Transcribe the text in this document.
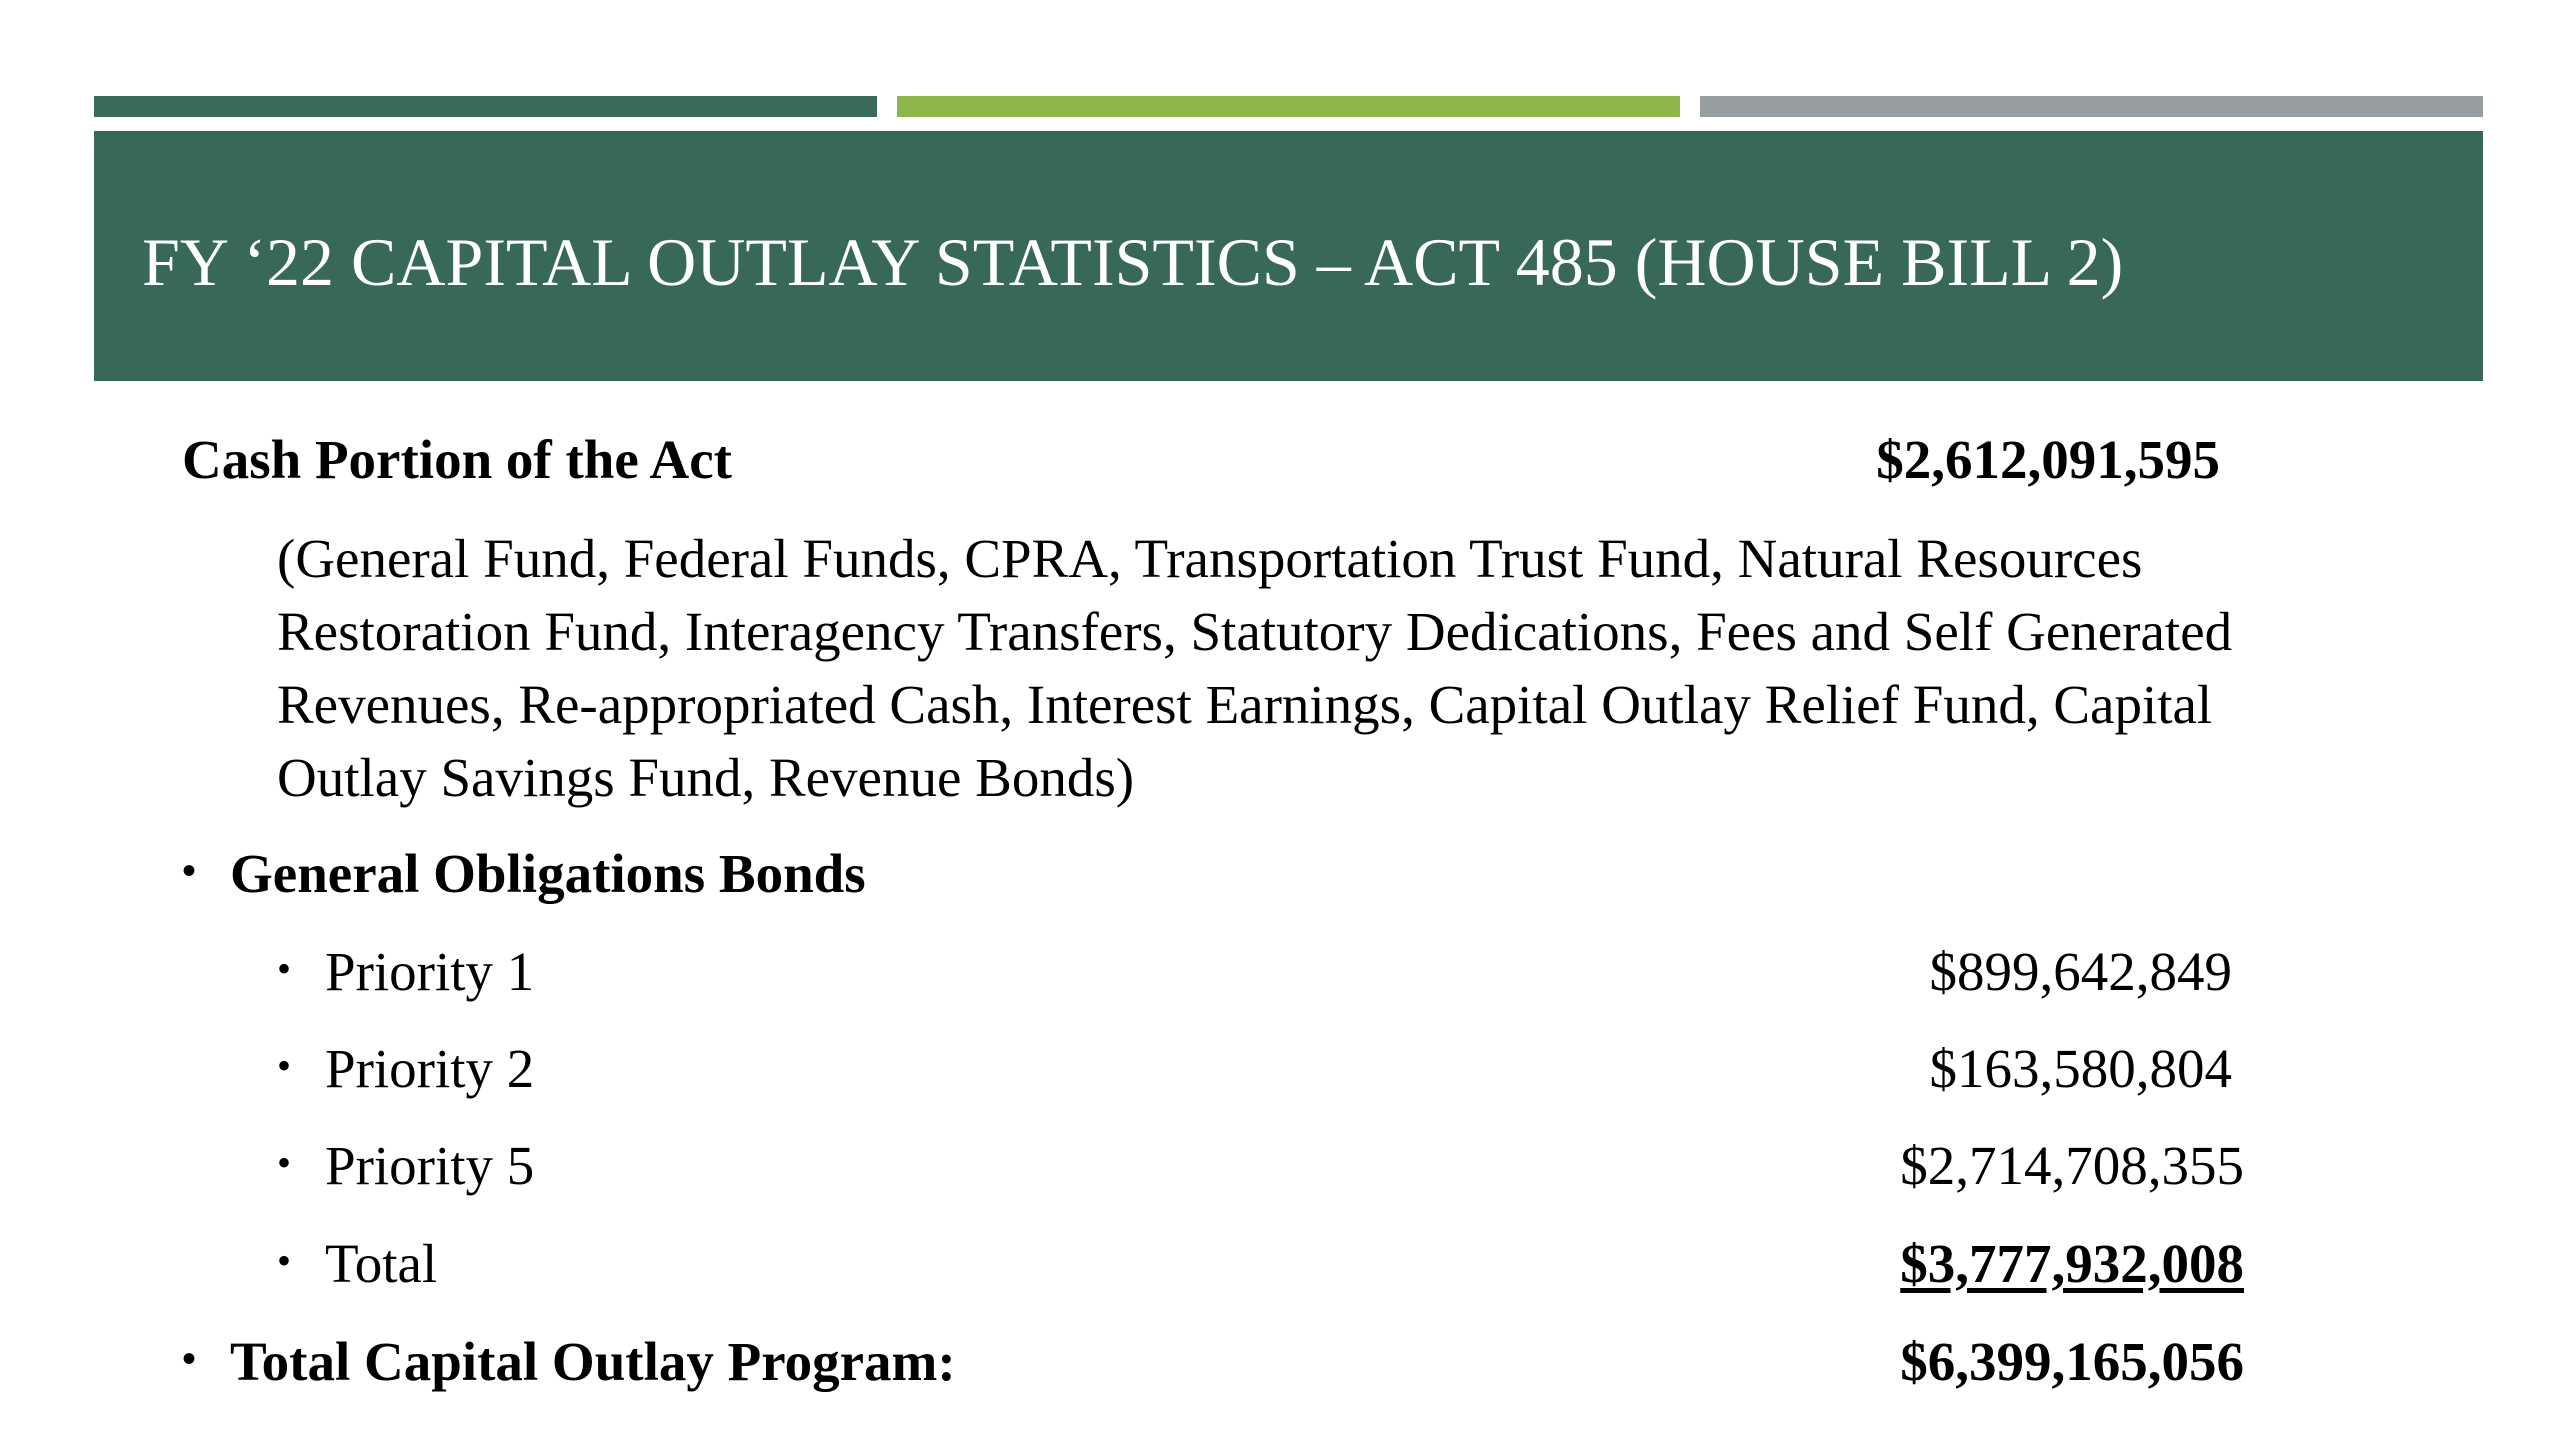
FY ‘22 CAPITAL OUTLAY STATISTICS – ACT 485 (HOUSE BILL 2)
Cash Portion of the Act	$2,612,091,595
(General Fund, Federal Funds, CPRA, Transportation Trust Fund, Natural Resources Restoration Fund, Interagency Transfers, Statutory Dedications, Fees and Self Generated Revenues, Re-appropriated Cash, Interest Earnings, Capital Outlay Relief Fund, Capital Outlay Savings Fund, Revenue Bonds)
• General Obligations Bonds
• Priority 1	$899,642,849
• Priority 2	$163,580,804
• Priority 5	$2,714,708,355
• Total	$3,777,932,008
• Total Capital Outlay Program:	$6,399,165,056
